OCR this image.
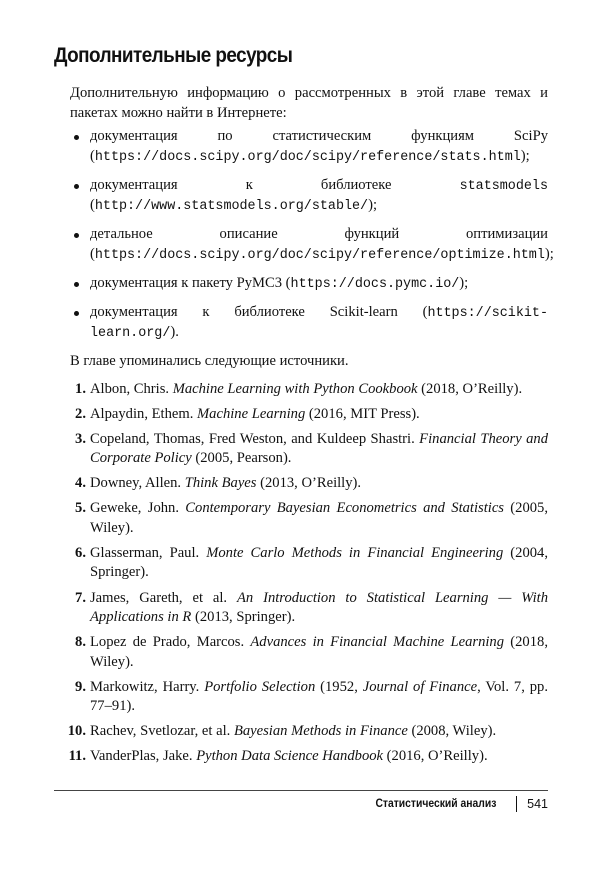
Дополнительные ресурсы

Дополнительную информацию о рассмотренных в этой главе темах и пакетах можно найти в Интернете:

документация по статистическим функциям SciPy (https://docs.scipy.org/doc/scipy/reference/stats.html);
документация к библиотеке statsmodels (http://www.statsmodels.org/stable/);
детальное описание функций оптимизации (https://docs.scipy.org/doc/scipy/reference/optimize.html);
документация к пакету PyMC3 (https://docs.pymc.io/);
документация к библиотеке Scikit-learn (https://scikit-learn.org/).

В главе упоминались следующие источники.

1. Albon, Chris. Machine Learning with Python Cookbook (2018, O’Reilly).
2. Alpaydin, Ethem. Machine Learning (2016, MIT Press).
3. Copeland, Thomas, Fred Weston, and Kuldeep Shastri. Financial Theory and Corporate Policy (2005, Pearson).
4. Downey, Allen. Think Bayes (2013, O’Reilly).
5. Geweke, John. Contemporary Bayesian Econometrics and Statistics (2005, Wiley).
6. Glasserman, Paul. Monte Carlo Methods in Financial Engineering (2004, Springer).
7. James, Gareth, et al. An Introduction to Statistical Learning — With Applications in R (2013, Springer).
8. Lopez de Prado, Marcos. Advances in Financial Machine Learning (2018, Wiley).
9. Markowitz, Harry. Portfolio Selection (1952, Journal of Finance, Vol. 7, pp. 77–91).
10. Rachev, Svetlozar, et al. Bayesian Methods in Finance (2008, Wiley).
11. VanderPlas, Jake. Python Data Science Handbook (2016, O’Reilly).
Статистический анализ 541
